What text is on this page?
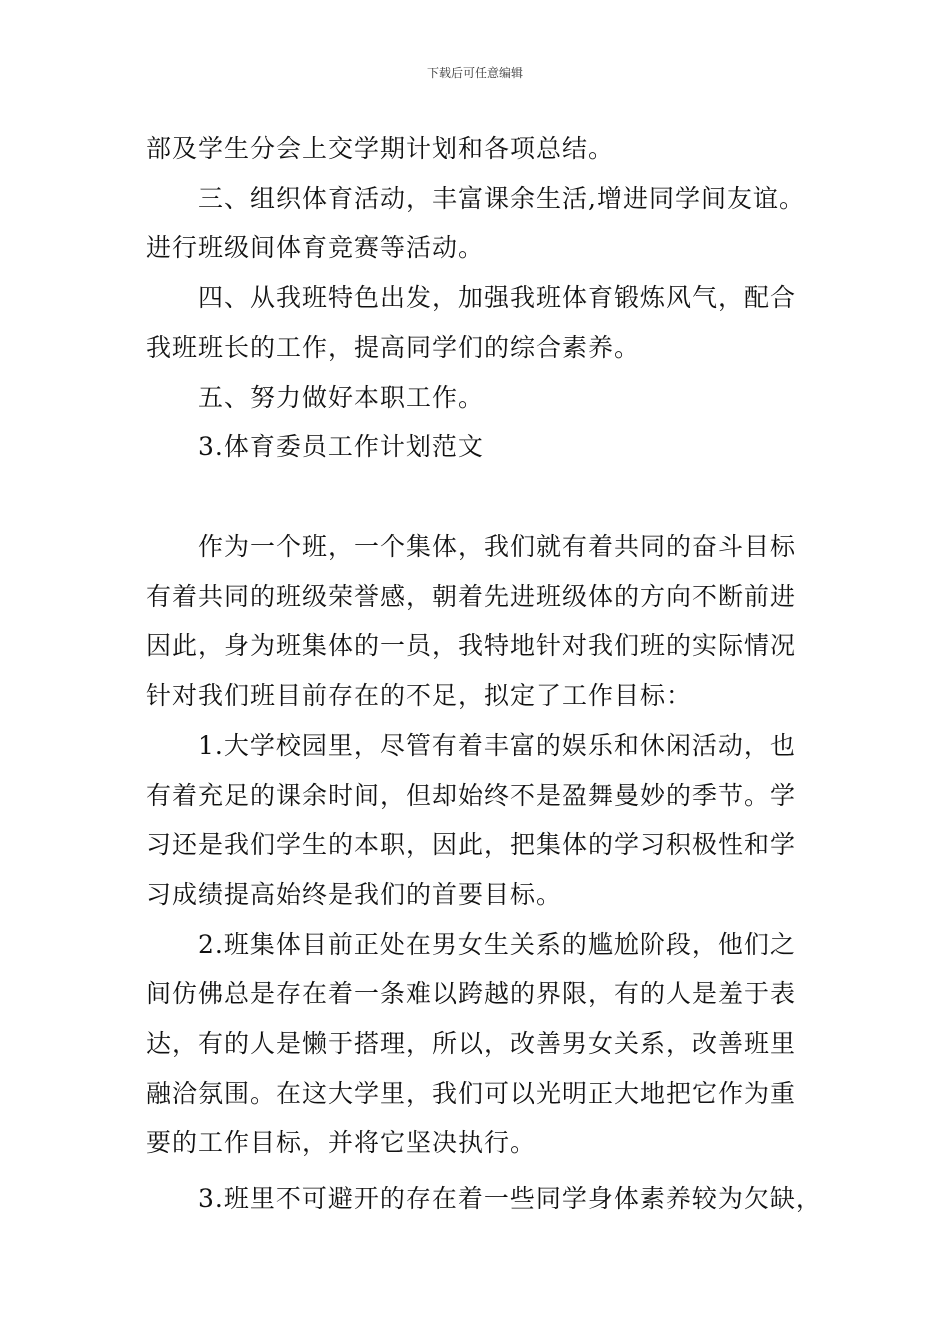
下载后可任意编辑
部及学生分会上交学期计划和各项总结。
　　三、组织体育活动，丰富课余生活,增进同学间友谊。
进行班级间体育竞赛等活动。
　　四、从我班特色出发，加强我班体育锻炼风气，配合
我班班长的工作，提高同学们的综合素养。
　　五、努力做好本职工作。
　　3.体育委员工作计划范文
　　作为一个班，一个集体，我们就有着共同的奋斗目标
有着共同的班级荣誉感，朝着先进班级体的方向不断前进
因此，身为班集体的一员，我特地针对我们班的实际情况
针对我们班目前存在的不足，拟定了工作目标：
　　1.大学校园里，尽管有着丰富的娱乐和休闲活动，也
有着充足的课余时间，但却始终不是盈舞曼妙的季节。学
习还是我们学生的本职，因此，把集体的学习积极性和学
习成绩提高始终是我们的首要目标。
　　2.班集体目前正处在男女生关系的尴尬阶段，他们之
间仿佛总是存在着一条难以跨越的界限，有的人是羞于表
达，有的人是懒于搭理，所以，改善男女关系，改善班里
融洽氛围。在这大学里，我们可以光明正大地把它作为重
要的工作目标，并将它坚决执行。
　　3.班里不可避开的存在着一些同学身体素养较为欠缺，
